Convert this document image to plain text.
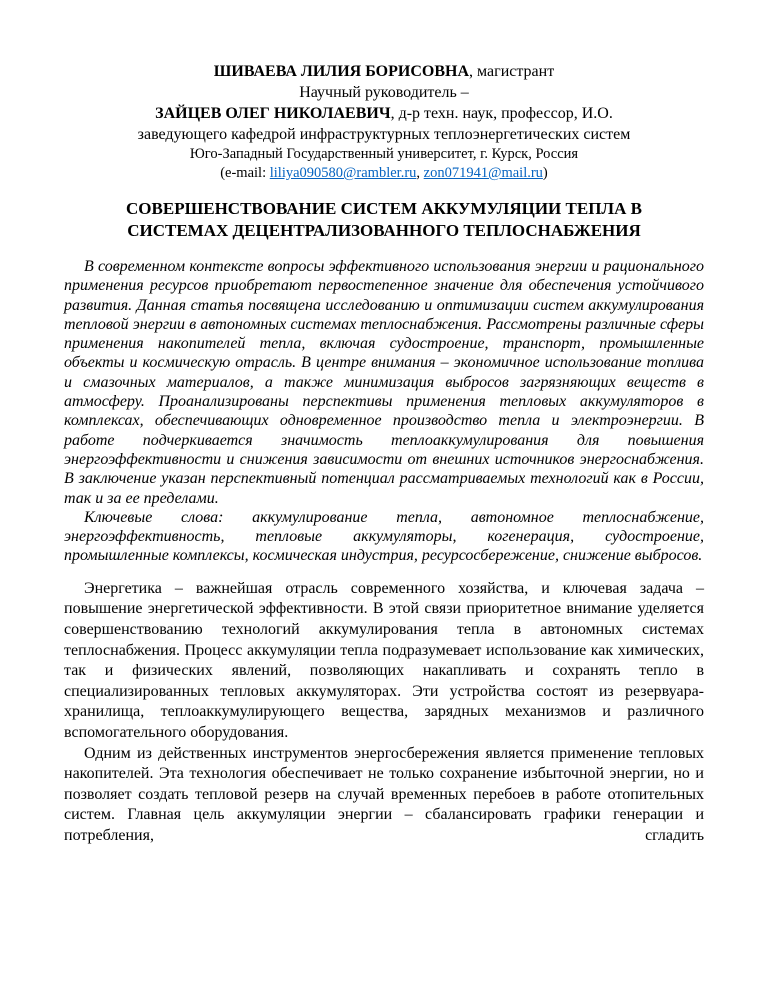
ШИВАЕВА ЛИЛИЯ БОРИСОВНА, магистрант
Научный руководитель –
ЗАЙЦЕВ ОЛЕГ НИКОЛАЕВИЧ, д-р техн. наук, профессор, И.О.
заведующего кафедрой инфраструктурных теплоэнергетических систем
Юго-Западный Государственный университет, г. Курск, Россия
(e-mail: liliya090580@rambler.ru, zon071941@mail.ru)
СОВЕРШЕНСТВОВАНИЕ СИСТЕМ АККУМУЛЯЦИИ ТЕПЛА В
СИСТЕМАХ ДЕЦЕНТРАЛИЗОВАННОГО ТЕПЛОСНАБЖЕНИЯ

В современном контексте вопросы эффективного использования энергии и рационального применения ресурсов приобретают первостепенное значение для обеспечения устойчивого развития. Данная статья посвящена исследованию и оптимизации систем аккумулирования тепловой энергии в автономных системах теплоснабжения. Рассмотрены различные сферы применения накопителей тепла, включая судостроение, транспорт, промышленные объекты и космическую отрасль. В центре внимания – экономичное использование топлива и смазочных материалов, а также минимизация выбросов загрязняющих веществ в атмосферу. Проанализированы перспективы применения тепловых аккумуляторов в комплексах, обеспечивающих одновременное производство тепла и электроэнергии. В работе подчеркивается значимость теплоаккумулирования для повышения энергоэффективности и снижения зависимости от внешних источников энергоснабжения. В заключение указан перспективный потенциал рассматриваемых технологий как в России, так и за ее пределами.

Ключевые слова: аккумулирование тепла, автономное теплоснабжение, энергоэффективность, тепловые аккумуляторы, когенерация, судостроение, промышленные комплексы, космическая индустрия, ресурсосбережение, снижение выбросов.

Энергетика – важнейшая отрасль современного хозяйства, и ключевая задача – повышение энергетической эффективности. В этой связи приоритетное внимание уделяется совершенствованию технологий аккумулирования тепла в автономных системах теплоснабжения. Процесс аккумуляции тепла подразумевает использование как химических, так и физических явлений, позволяющих накапливать и сохранять тепло в специализированных тепловых аккумуляторах. Эти устройства состоят из резервуара-хранилища, теплоаккумулирующего вещества, зарядных механизмов и различного вспомогательного оборудования.

Одним из действенных инструментов энергосбережения является применение тепловых накопителей. Эта технология обеспечивает не только сохранение избыточной энергии, но и позволяет создать тепловой резерв на случай временных перебоев в работе отопительных систем. Главная цель аккумуляции энергии – сбалансировать графики генерации и потребления, сгладить
